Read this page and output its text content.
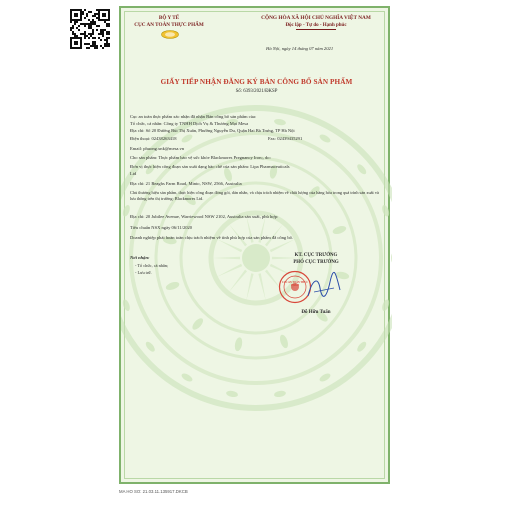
BỘ Y TẾ
CỤC AN TOÀN THỰC PHẨM
CỘNG HÒA XÃ HỘI CHỦ NGHĨA VIỆT NAM
Độc lập - Tự do - Hạnh phúc
Hà Nội, ngày 14 tháng 07 năm 2021
GIẤY TIẾP NHẬN ĐĂNG KÝ BẢN CÔNG BỐ SẢN PHẨM
Số: 6393/2021/ĐKSP
Cục an toàn thực phẩm xác nhận đã nhận Bản công bố sản phẩm của:
Tổ chức, cá nhân: Công ty TNHH Dịch Vụ & Thương Mại Mesa
Địa chỉ: Số 20 Đường Bùi Thị Xuân, Phường Nguyễn Du, Quận Hai Bà Trưng, TP Hà Nội
Điện thoại: 02438263418	Fax: 02439435291
Email: phuong.xnk@mesa.vn
Cho sản phẩm: Thực phẩm bảo vệ sức khỏe Blackmores Pregnancy Iron;, do:
Đơn vị thực hiện công đoạn sản xuất dạng bào chế của sản phẩm: Lipa Pharmaceuticals
Ltd
Địa chỉ: 21 Reaghs Farm Road, Minto, NSW, 2566, Australia
Chủ thương hiệu sản phẩm, thực hiện công đoạn đóng gói, dán nhãn, và chịu trách nhiệm về chất lượng của hàng hóa trong quá trình sản xuất và lưu thông trên thị trường: Blackmores Ltd.
Địa chỉ: 20 Jubilee Avenue, Warriewood NSW 2102, Australia sản xuất, phù hợp:
Tiêu chuẩn NSX ngày 06/11/2020
Doanh nghiệp phải hoàn toàn chịu trách nhiệm về tính phù hợp của sản phẩm đã công bố.
Nơi nhận:
- Tổ chức, cá nhân;
- Lưu trữ.
KT. CỤC TRƯỞNG
PHÓ CỤC TRƯỞNG
CỤC AN TOÀN THỰC PHẨM
Đỗ Hữu Tuấn
MA HO SO: 21.03.11.135917.DKCB
